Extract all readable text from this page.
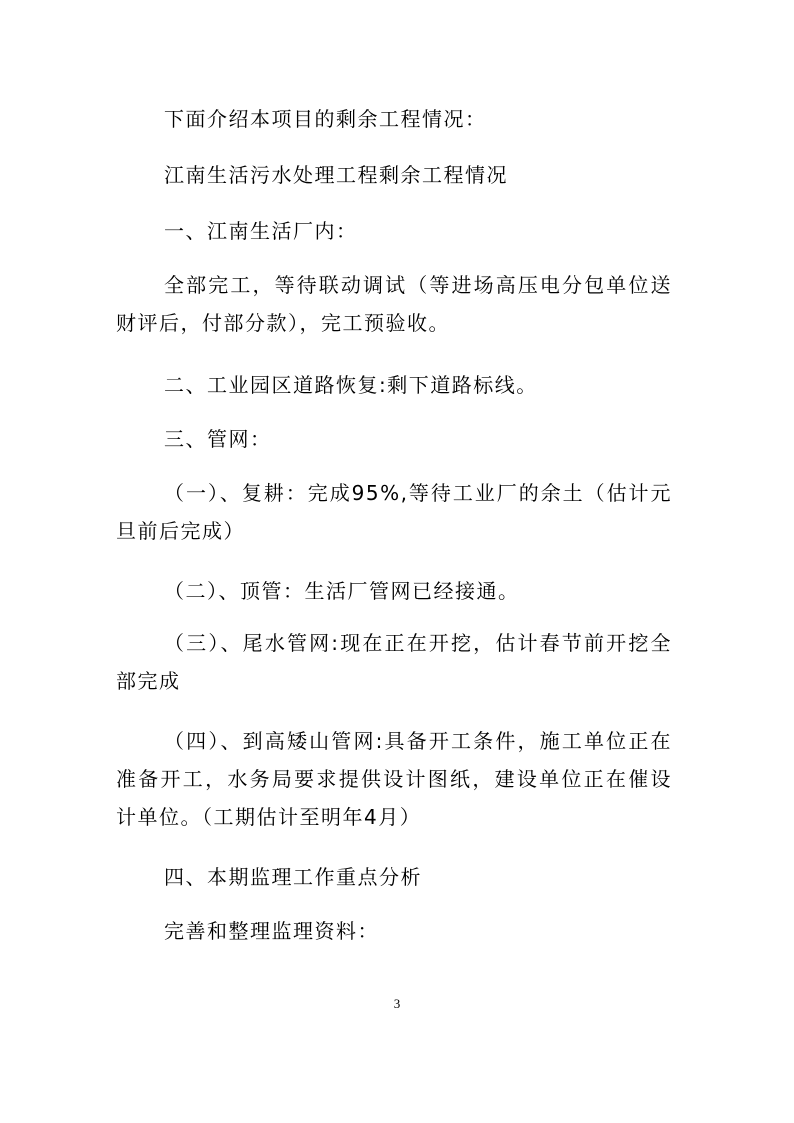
下面介绍本项目的剩余工程情况：

江南生活污水处理工程剩余工程情况

一、江南生活厂内：

全部完工，等待联动调试（等进场高压电分包单位送财评后，付部分款），完工预验收。

二、工业园区道路恢复:剩下道路标线。

三、管网：

（一）、复耕：完成95%,等待工业厂的余土（估计元旦前后完成）

（二）、顶管：生活厂管网已经接通。

（三）、尾水管网:现在正在开挖，估计春节前开挖全部完成

（四）、到高矮山管网:具备开工条件，施工单位正在准备开工，水务局要求提供设计图纸，建设单位正在催设计单位。（工期估计至明年4月）

四、本期监理工作重点分析

完善和整理监理资料：

3
